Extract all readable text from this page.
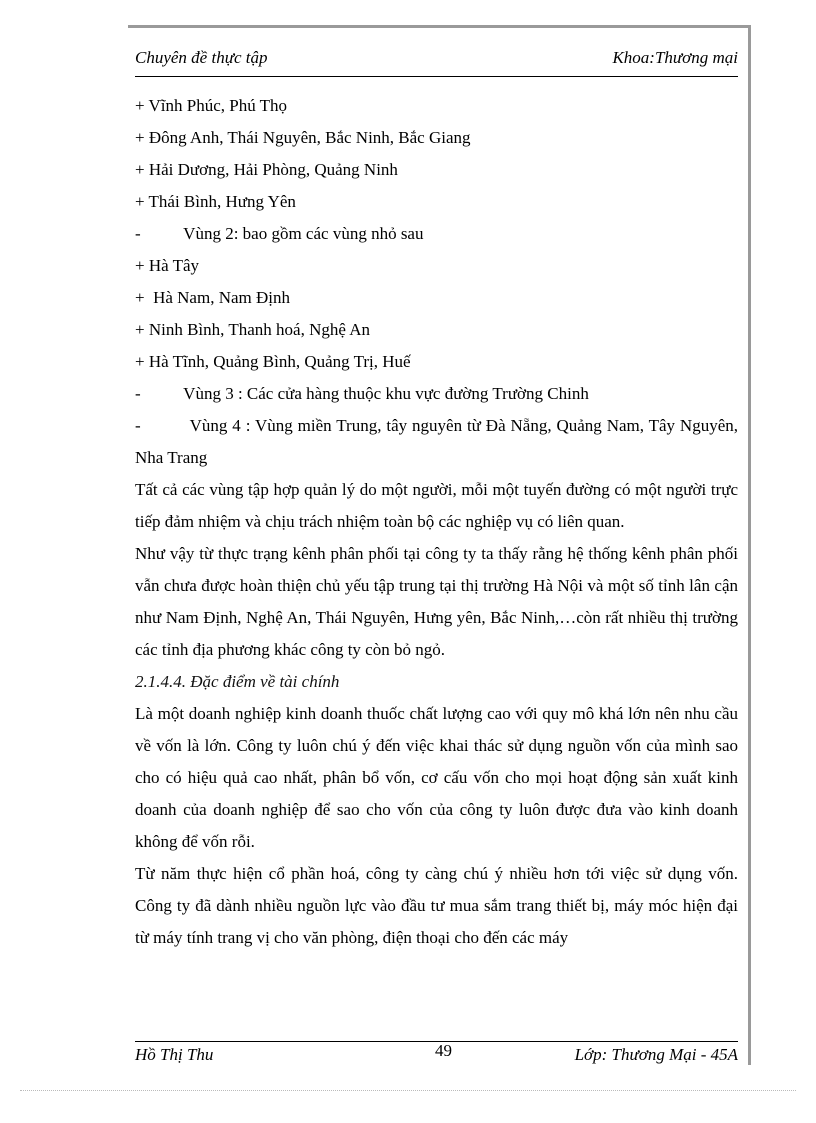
Chuyên đề thực tập	Khoa:Thương mại

+ Vĩnh Phúc, Phú Thọ

+ Đông Anh, Thái Nguyên, Bắc Ninh, Bắc Giang

+ Hải Dương, Hải Phòng, Quảng Ninh

+ Thái Bình, Hưng Yên

-          Vùng 2: bao gồm các vùng nhỏ sau

+ Hà Tây

+  Hà Nam, Nam Định

+ Ninh Bình, Thanh hoá, Nghệ An

+ Hà Tĩnh, Quảng Bình, Quảng Trị, Huế

-          Vùng 3 : Các cửa hàng thuộc khu vực đường Trường Chinh

-          Vùng 4 : Vùng miền Trung, tây nguyên từ Đà Nẵng, Quảng Nam, Tây Nguyên, Nha Trang

Tất cả các vùng tập hợp quản lý do một người, mỗi một tuyến đường có một người trực tiếp đảm nhiệm và chịu trách nhiệm toàn bộ các nghiệp vụ có liên quan.

Như vậy từ thực trạng kênh phân phối tại công ty ta thấy rằng hệ thống kênh phân phối vẫn chưa được hoàn thiện chủ yếu tập trung tại thị trường Hà Nội và một số tỉnh lân cận như Nam Định, Nghệ An, Thái Nguyên, Hưng yên, Bắc Ninh,…còn rất nhiều thị trường các tỉnh địa phương khác công ty còn bỏ ngỏ.

2.1.4.4. Đặc điểm về tài chính

Là một doanh nghiệp kinh doanh thuốc chất lượng cao với quy mô khá lớn nên nhu cầu về vốn là lớn. Công ty luôn chú ý đến việc khai thác sử dụng nguồn vốn của mình sao cho có hiệu quả cao nhất, phân bổ vốn, cơ cấu vốn cho mọi hoạt động sản xuất kinh doanh của doanh nghiệp để sao cho vốn của công ty luôn được đưa vào kinh doanh không để vốn rỗi.

Từ năm thực hiện cổ phần hoá, công ty càng chú ý nhiều hơn tới việc sử dụng vốn. Công ty đã dành nhiều nguồn lực vào đầu tư mua sắm trang thiết bị, máy móc hiện đại từ máy tính trang vị cho văn phòng, điện thoại cho đến các máy

Hồ Thị Thu	49	Lớp: Thương Mại - 45A
